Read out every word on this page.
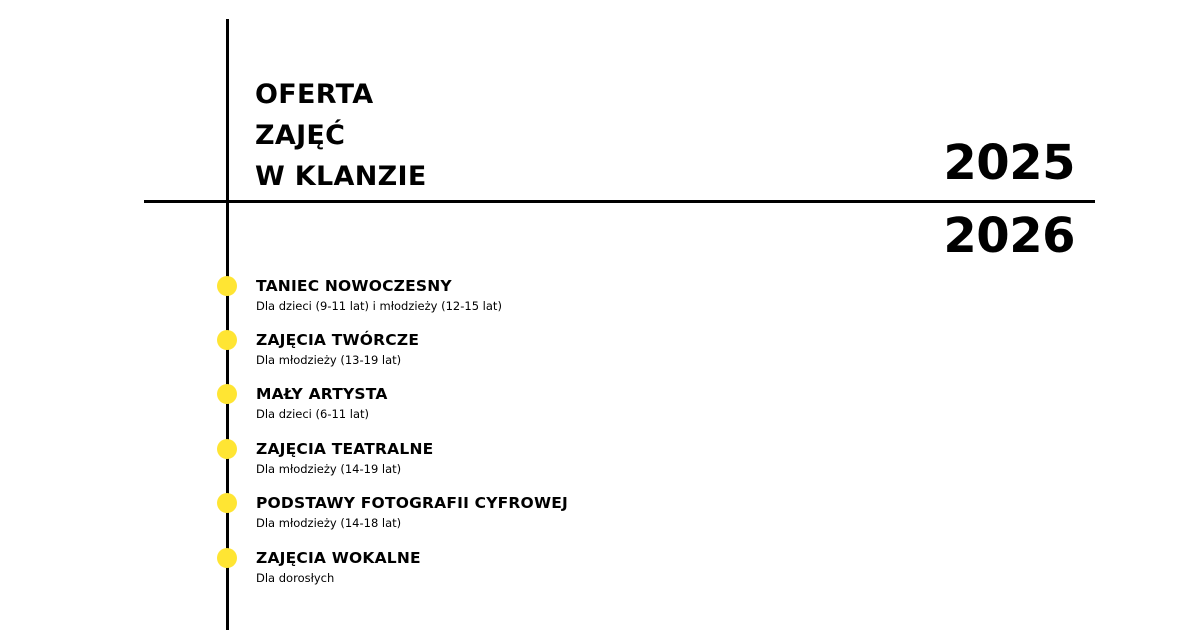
OFERTA
ZAJĘĆ
W KLANZIE	2025
2026
TANIEC NOWOCZESNY
Dla dzieci (9-11 lat) i młodzieży (12-15 lat)
ZAJĘCIA TWÓRCZE
Dla młodzieży (13-19 lat)
MAŁY ARTYSTA
Dla dzieci (6-11 lat)
ZAJĘCIA TEATRALNE
Dla młodzieży (14-19 lat)
PODSTAWY FOTOGRAFII CYFROWEJ
Dla młodzieży (14-18 lat)
ZAJĘCIA WOKALNE
Dla dorosłych
